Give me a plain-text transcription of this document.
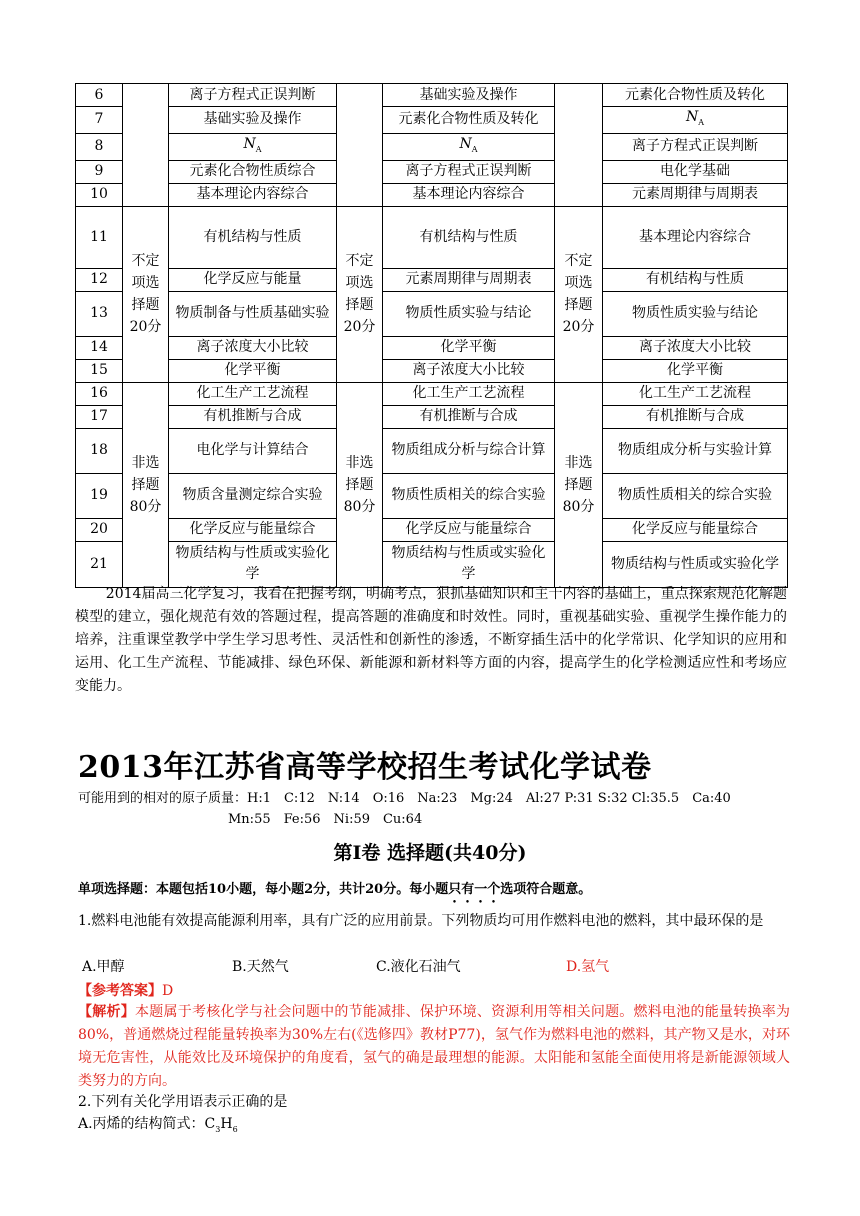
6		离子方程式正误判断		基础实验及操作		元素化合物性质及转化
7		基础实验及操作		元素化合物性质及转化		$N_A$
8		$N_A$		$N_A$		离子方程式正误判断
9		元素化合物性质综合		离子方程式正误判断		电化学基础
10		基本理论内容综合		基本理论内容综合		元素周期律与周期表
11	不定项选择题20分	有机结构与性质	不定项选择题20分	有机结构与性质	不定项选择题20分	基本理论内容综合
12		化学反应与能量		元素周期律与周期表		有机结构与性质
13		物质制备与性质基础实验		物质性质实验与结论		物质性质实验与结论
14		离子浓度大小比较		化学平衡		离子浓度大小比较
15		化学平衡		离子浓度大小比较		化学平衡
16	非选择题80分	化工生产工艺流程	非选择题80分	化工生产工艺流程	非选择题80分	化工生产工艺流程
17		有机推断与合成		有机推断与合成		有机推断与合成
18		电化学与计算结合		物质组成分析与综合计算		物质组成分析与实验计算
19		物质含量测定综合实验		物质性质相关的综合实验		物质性质相关的综合实验
20		化学反应与能量综合		化学反应与能量综合		化学反应与能量综合
21		物质结构与性质或实验化学		物质结构与性质或实验化学		物质结构与性质或实验化学
2014届高三化学复习，我看在把握考纲，明确考点，狠抓基础知识和主干内容的基础上，重点探索规范化解题模型的建立，强化规范有效的答题过程，提高答题的准确度和时效性。同时，重视基础实验、重视学生操作能力的培养，注重课堂教学中学生学习思考性、灵活性和创新性的渗透，不断穿插生活中的化学常识、化学知识的应用和运用、化工生产流程、节能减排、绿色环保、新能源和新材料等方面的内容，提高学生的化学检测适应性和考场应变能力。
2013年江苏省高等学校招生考试化学试卷
可能用到的相对的原子质量：H:1　C:12　N:14　O:16　Na:23　Mg:24　Al:27 P:31 S:32 Cl:35.5　Ca:40
Mn:55　Fe:56　Ni:59　Cu:64
第Ⅰ卷 选择题(共40分)
单项选择题：本题包括10小题，每小题2分，共计20分。每小题只有一个选项符合题意。
1.燃料电池能有效提高能源利用率，具有广泛的应用前景。下列物质均可用作燃料电池的燃料，其中最环保的是
A.甲醇	B.天然气	C.液化石油气	D.氢气
【参考答案】D
【解析】本题属于考核化学与社会问题中的节能减排、保护环境、资源利用等相关问题。燃料电池的能量转换率为80%，普通燃烧过程能量转换率为30%左右(《选修四》教材P77)，氢气作为燃料电池的燃料，其产物又是水，对环境无危害性，从能效比及环境保护的角度看，氢气的确是最理想的能源。太阳能和氢能全面使用将是新能源领域人类努力的方向。
2.下列有关化学用语表示正确的是
A.丙烯的结构简式：$C_3H_6$
